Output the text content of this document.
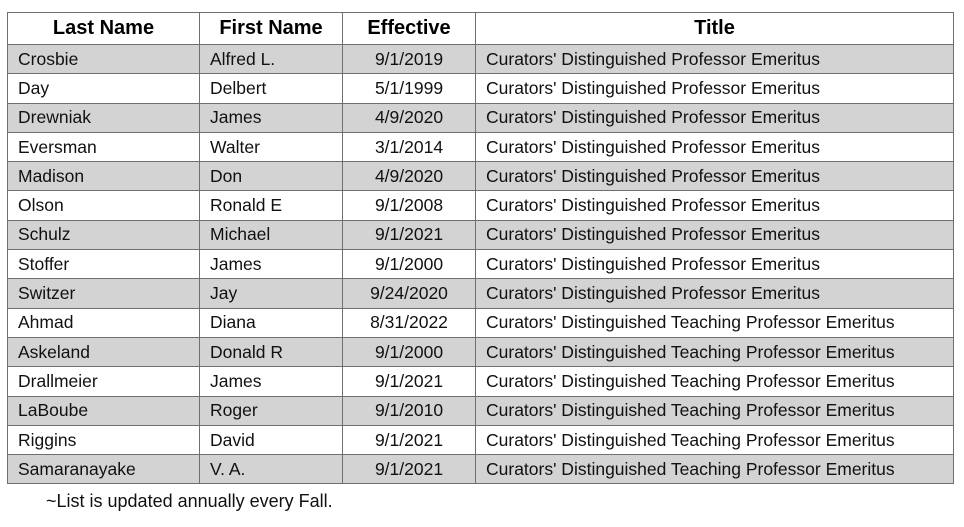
Last Name	First Name	Effective	Title
Crosbie	Alfred L.	9/1/2019	Curators' Distinguished Professor Emeritus
Day	Delbert	5/1/1999	Curators' Distinguished Professor Emeritus
Drewniak	James	4/9/2020	Curators' Distinguished Professor Emeritus
Eversman	Walter	3/1/2014	Curators' Distinguished Professor Emeritus
Madison	Don	4/9/2020	Curators' Distinguished Professor Emeritus
Olson	Ronald E	9/1/2008	Curators' Distinguished Professor Emeritus
Schulz	Michael	9/1/2021	Curators' Distinguished Professor Emeritus
Stoffer	James	9/1/2000	Curators' Distinguished Professor Emeritus
Switzer	Jay	9/24/2020	Curators' Distinguished Professor Emeritus
Ahmad	Diana	8/31/2022	Curators' Distinguished Teaching Professor Emeritus
Askeland	Donald R	9/1/2000	Curators' Distinguished Teaching Professor Emeritus
Drallmeier	James	9/1/2021	Curators' Distinguished Teaching Professor Emeritus
LaBoube	Roger	9/1/2010	Curators' Distinguished Teaching Professor Emeritus
Riggins	David	9/1/2021	Curators' Distinguished Teaching Professor Emeritus
Samaranayake	V. A.	9/1/2021	Curators' Distinguished Teaching Professor Emeritus
~List is updated annually every Fall.
